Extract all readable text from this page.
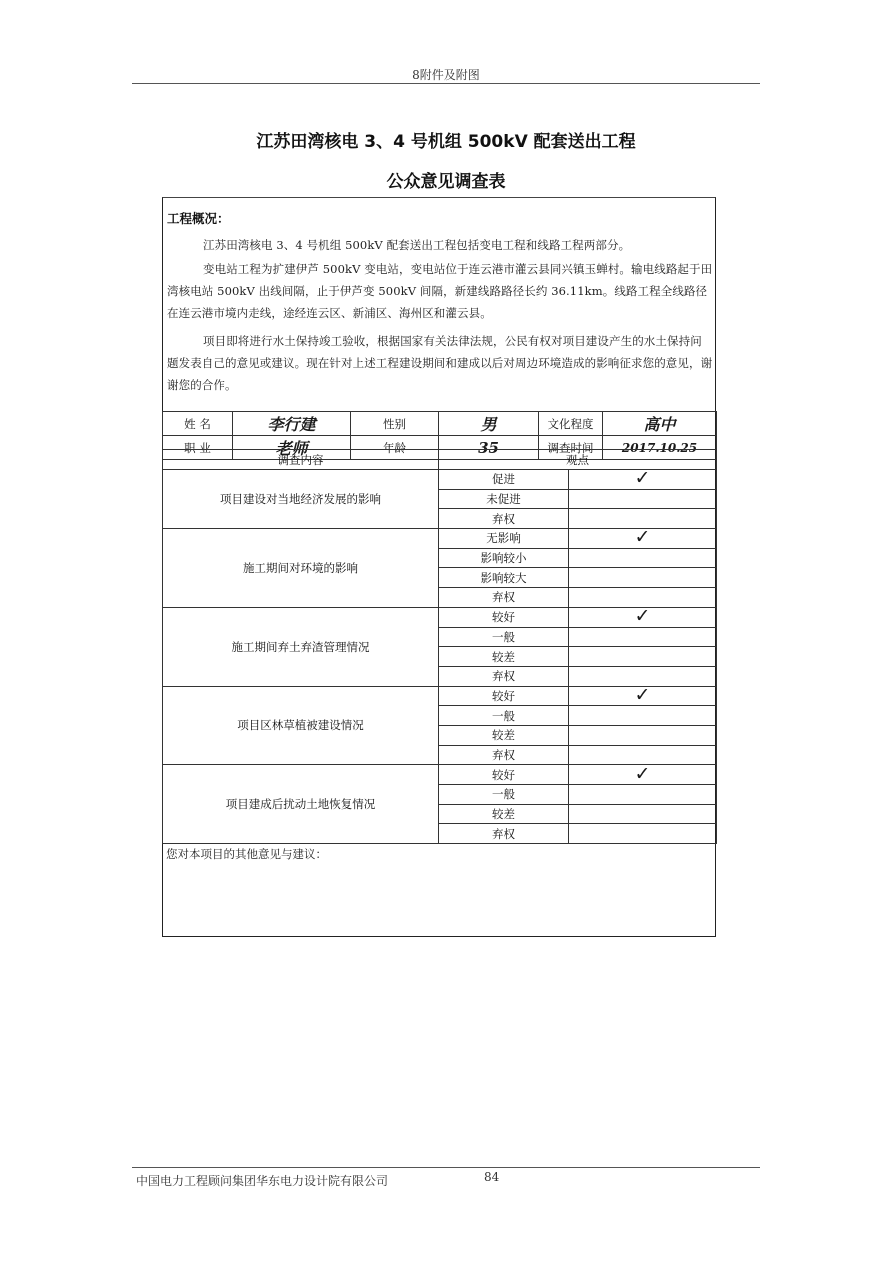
8附件及附图
江苏田湾核电 3、4 号机组 500kV 配套送出工程
公众意见调查表
工程概况：
江苏田湾核电 3、4 号机组 500kV 配套送出工程包括变电工程和线路工程两部分。
变电站工程为扩建伊芦 500kV 变电站，变电站位于连云港市灌云县同兴镇玉蝉村。输电线路起于田湾核电站 500kV 出线间隔，止于伊芦变 500kV 间隔，新建线路路径长约 36.11km。线路工程全线路径在连云港市境内走线，途经连云区、新浦区、海州区和灌云县。
项目即将进行水土保持竣工验收，根据国家有关法律法规，公民有权对项目建设产生的水土保持问题发表自己的意见或建议。现在针对上述工程建设期间和建成以后对周边环境造成的影响征求您的意见，谢谢您的合作。
姓 名	李行建	性别	男	文化程度	高中
职 业	老师	年龄	35	调查时间	2017.10.25
调查内容	观点	
项目建设对当地经济发展的影响	促进	✓
	未促进	
	弃权	
施工期间对环境的影响	无影响	✓
	影响较小	
	影响较大	
	弃权	
施工期间弃土弃渣管理情况	较好	✓
	一般	
	较差	
	弃权	
项目区林草植被建设情况	较好	✓
	一般	
	较差	
	弃权	
项目建成后扰动土地恢复情况	较好	✓
	一般	
	较差	
	弃权	
您对本项目的其他意见与建议：
中国电力工程顾问集团华东电力设计院有限公司	84
